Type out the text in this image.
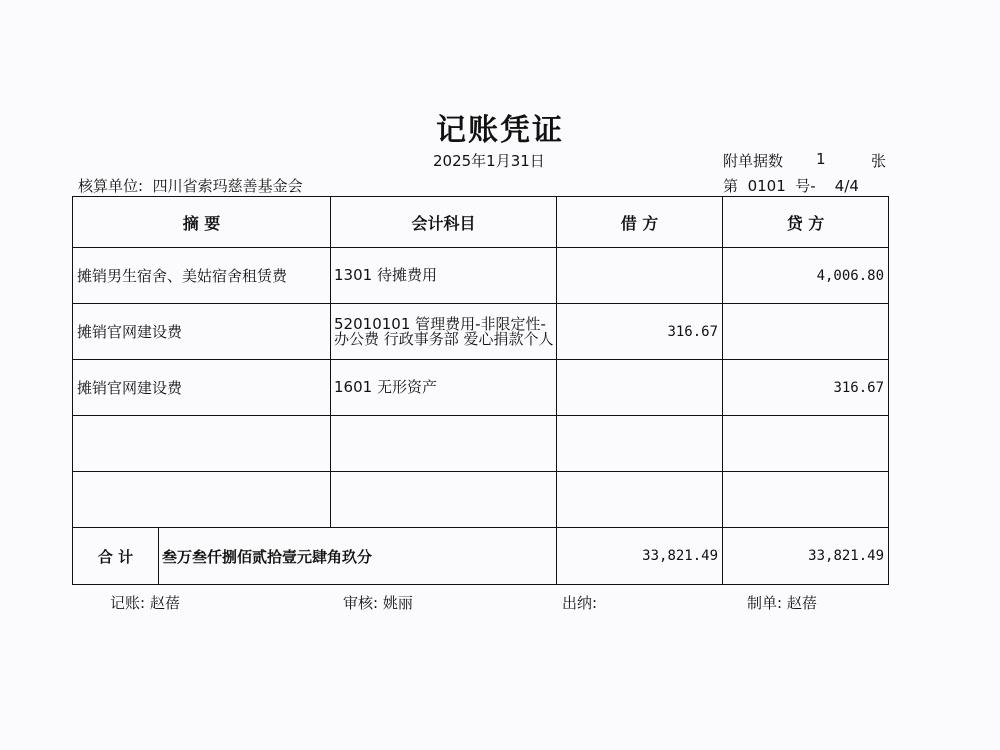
记账凭证
2025年1月31日	附单据数 1	张
核算单位: 四川省索玛慈善基金会	第 0101 号- 4/4
摘 要		会计科目	借 方	贷 方
摊销男生宿舍、美姑宿舍租赁费		1301 待摊费用		4,006.80
摊销官网建设费		52010101 管理费用-非限定性-办公费 行政事务部 爱心捐款个人	316.67	
摊销官网建设费		1601 无形资产		316.67

合 计	叁万叁仟捌佰贰拾壹元肆角玖分		33,821.49	33,821.49
记账: 赵蓓	审核: 姚丽	出纳:	制单: 赵蓓
